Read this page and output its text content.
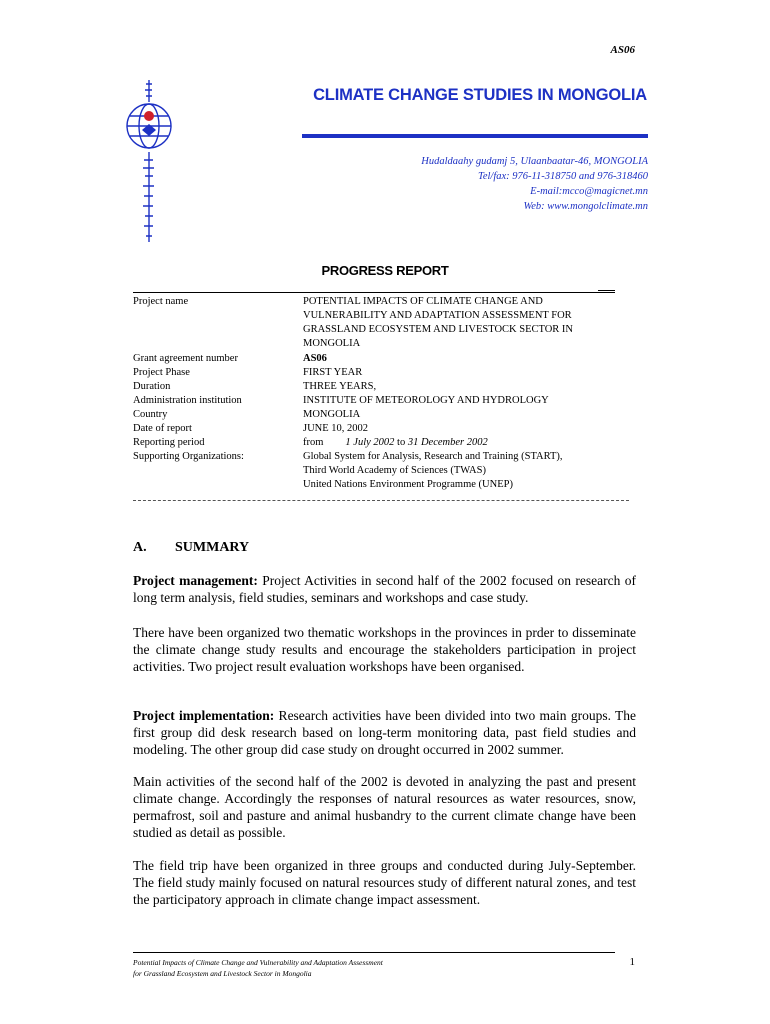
AS06
CLIMATE CHANGE STUDIES IN MONGOLIA
Hudaldaahy gudamj 5, Ulaanbaatar-46, MONGOLIA
Tel/fax: 976-11-318750 and 976-318460
E-mail:mcco@magicnet.mn
Web: www.mongolclimate.mn
PROGRESS REPORT
Project name	POTENTIAL IMPACTS OF CLIMATE CHANGE AND
VULNERABILITY AND ADAPTATION ASSESSMENT FOR
GRASSLAND ECOSYSTEM AND LIVESTOCK SECTOR IN
MONGOLIA
Grant agreement number	AS06
Project Phase	FIRST YEAR
Duration	THREE YEARS,
Administration institution	INSTITUTE OF METEOROLOGY AND HYDROLOGY
Country	MONGOLIA
Date of report	JUNE 10, 2002
Reporting period	from 1 July 2002 to 31 December 2002
Supporting Organizations:	Global System for Analysis, Research and Training (START),
Third World Academy of Sciences (TWAS)
United Nations Environment Programme (UNEP)
A. SUMMARY
Project management: Project Activities in second half of the 2002 focused on research of long term analysis, field studies, seminars and workshops and case study.
There have been organized two thematic workshops in the provinces in prder to disseminate the climate change study results and encourage the stakeholders participation in project activities. Two project result evaluation workshops have been organised.
Project implementation: Research activities have been divided into two main groups. The first group did desk research based on long-term monitoring data, past field studies and modeling. The other group did case study on drought occurred in 2002 summer.
Main activities of the second half of the 2002 is devoted in analyzing the past and present climate change. Accordingly the responses of natural resources as water resources, snow, permafrost, soil and pasture and animal husbandry to the current climate change have been studied as detail as possible.
The field trip have been organized in three groups and conducted during July-September. The field study mainly focused on natural resources study of different natural zones, and test the participatory approach in climate change impact assessment.
Potential Impacts of Climate Change and Vulnerability and Adaptation Assessment
for Grassland Ecosystem and Livestock Sector in Mongolia
1
